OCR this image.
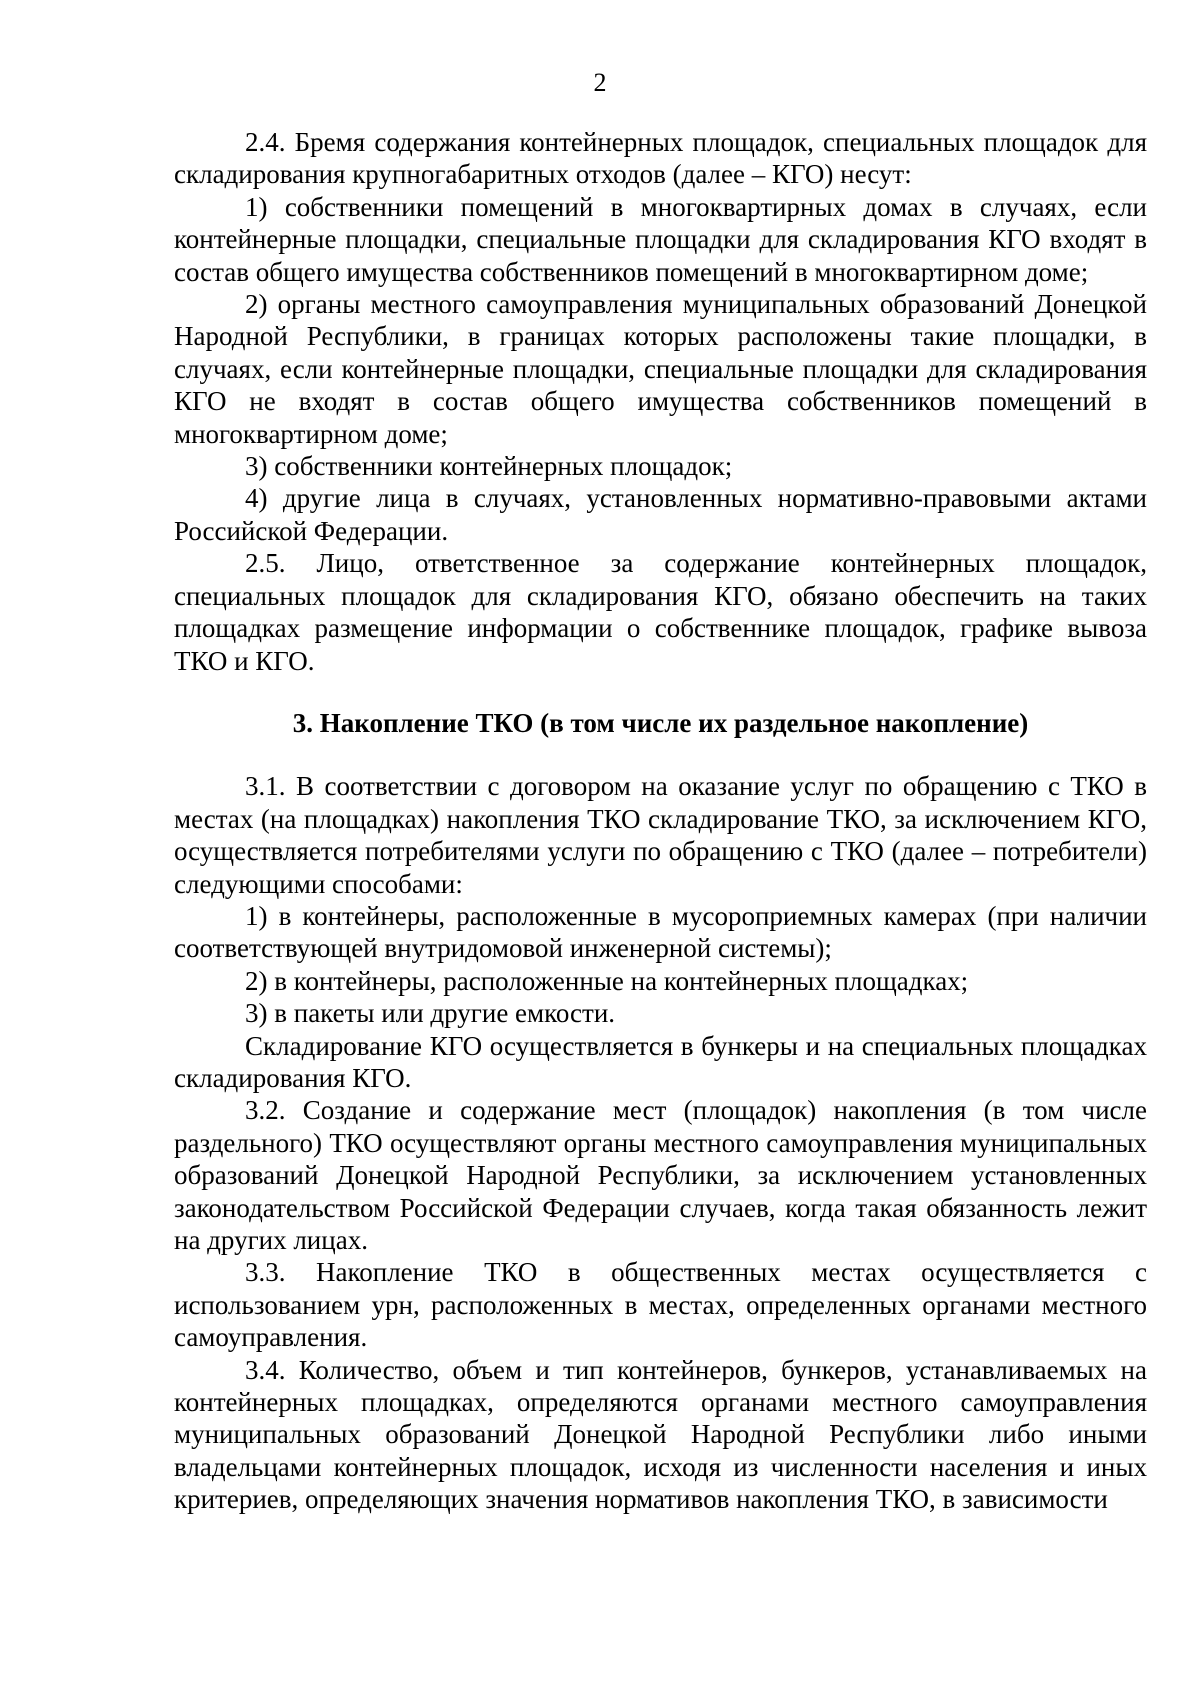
2

2.4. Бремя содержания контейнерных площадок, специальных площадок для складирования крупногабаритных отходов (далее – КГО) несут:

1) собственники помещений в многоквартирных домах в случаях, если контейнерные площадки, специальные площадки для складирования КГО входят в состав общего имущества собственников помещений в многоквартирном доме;

2) органы местного самоуправления муниципальных образований Донецкой Народной Республики, в границах которых расположены такие площадки, в случаях, если контейнерные площадки, специальные площадки для складирования КГО не входят в состав общего имущества собственников помещений в многоквартирном доме;

3) собственники контейнерных площадок;

4) другие лица в случаях, установленных нормативно-правовыми актами Российской Федерации.

2.5. Лицо, ответственное за содержание контейнерных площадок, специальных площадок для складирования КГО, обязано обеспечить на таких площадках размещение информации о собственнике площадок, графике вывоза ТКО и КГО.

3. Накопление ТКО (в том числе их раздельное накопление)

3.1. В соответствии с договором на оказание услуг по обращению с ТКО в местах (на площадках) накопления ТКО складирование ТКО, за исключением КГО, осуществляется потребителями услуги по обращению с ТКО (далее – потребители) следующими способами:

1) в контейнеры, расположенные в мусороприемных камерах (при наличии соответствующей внутридомовой инженерной системы);

2) в контейнеры, расположенные на контейнерных площадках;

3) в пакеты или другие емкости.

Складирование КГО осуществляется в бункеры и на специальных площадках складирования КГО.

3.2. Создание и содержание мест (площадок) накопления (в том числе раздельного) ТКО осуществляют органы местного самоуправления муниципальных образований Донецкой Народной Республики, за исключением установленных законодательством Российской Федерации случаев, когда такая обязанность лежит на других лицах.

3.3. Накопление ТКО в общественных местах осуществляется с использованием урн, расположенных в местах, определенных органами местного самоуправления.

3.4. Количество, объем и тип контейнеров, бункеров, устанавливаемых на контейнерных площадках, определяются органами местного самоуправления муниципальных образований Донецкой Народной Республики либо иными владельцами контейнерных площадок, исходя из численности населения и иных критериев, определяющих значения нормативов накопления ТКО, в зависимости
